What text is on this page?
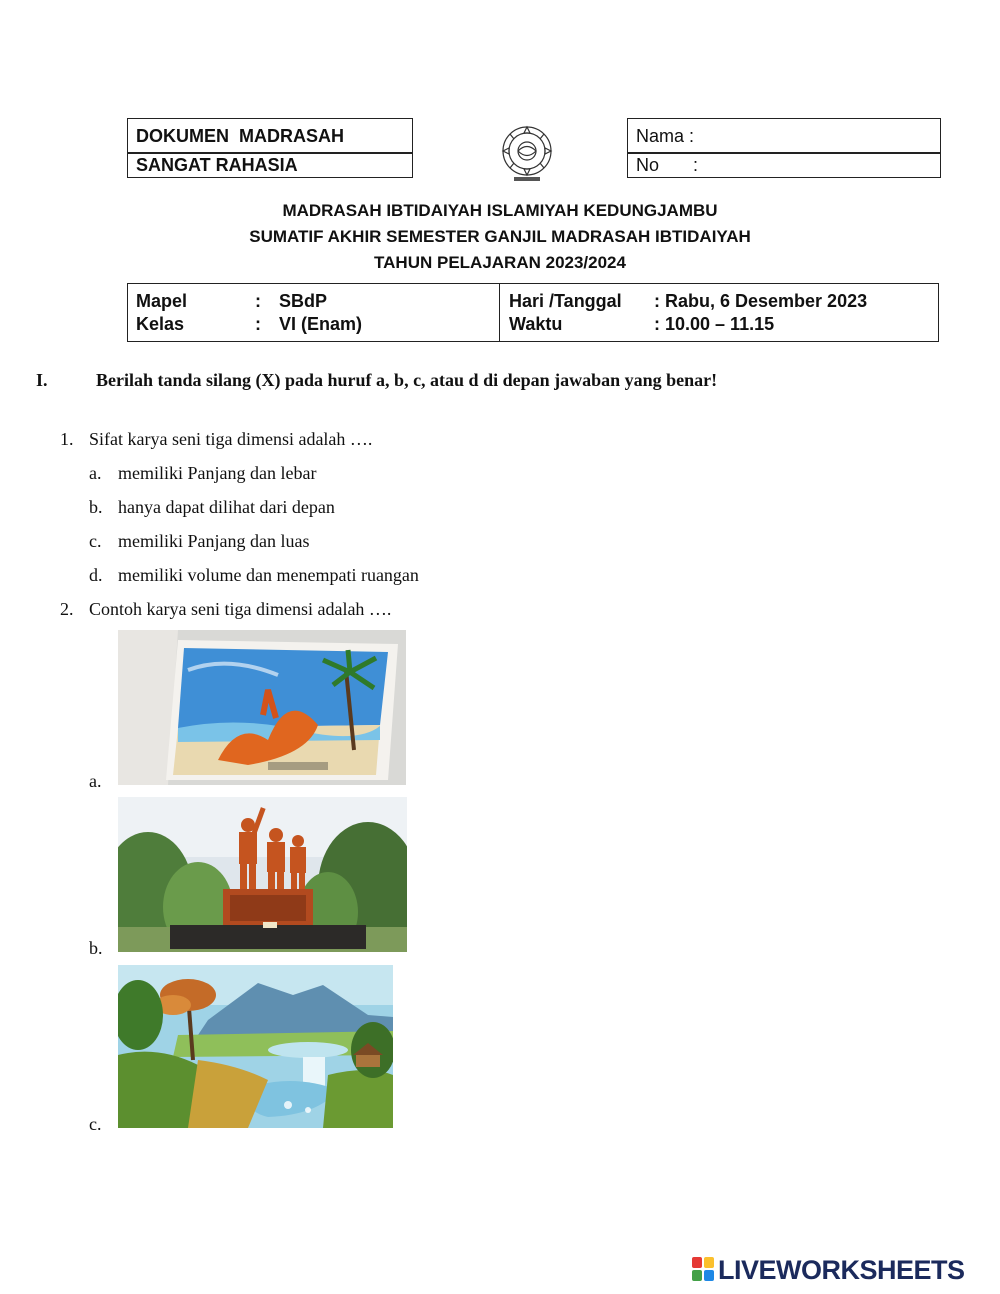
DOKUMEN  MADRASAH
SANGAT RAHASIA
Nama :
No :
MADRASAH IBTIDAIYAH ISLAMIYAH KEDUNGJAMBU
SUMATIF AKHIR SEMESTER GANJIL MADRASAH IBTIDAIYAH
TAHUN PELAJARAN 2023/2024
Mapel	: SBdP
Kelas	: VI (Enam)
Hari /Tanggal : Rabu, 6 Desember 2023
Waktu	: 10.00 – 11.15
I.	Berilah tanda silang (X) pada huruf a, b, c, atau d di depan jawaban yang benar!
1. Sifat karya seni tiga dimensi adalah ….
a. memiliki Panjang dan lebar
b. hanya dapat dilihat dari depan
c. memiliki Panjang dan luas
d. memiliki volume dan menempati ruangan
2. Contoh karya seni tiga dimensi adalah ….
a.
b.
c.
LIVEWORKSHEETS
